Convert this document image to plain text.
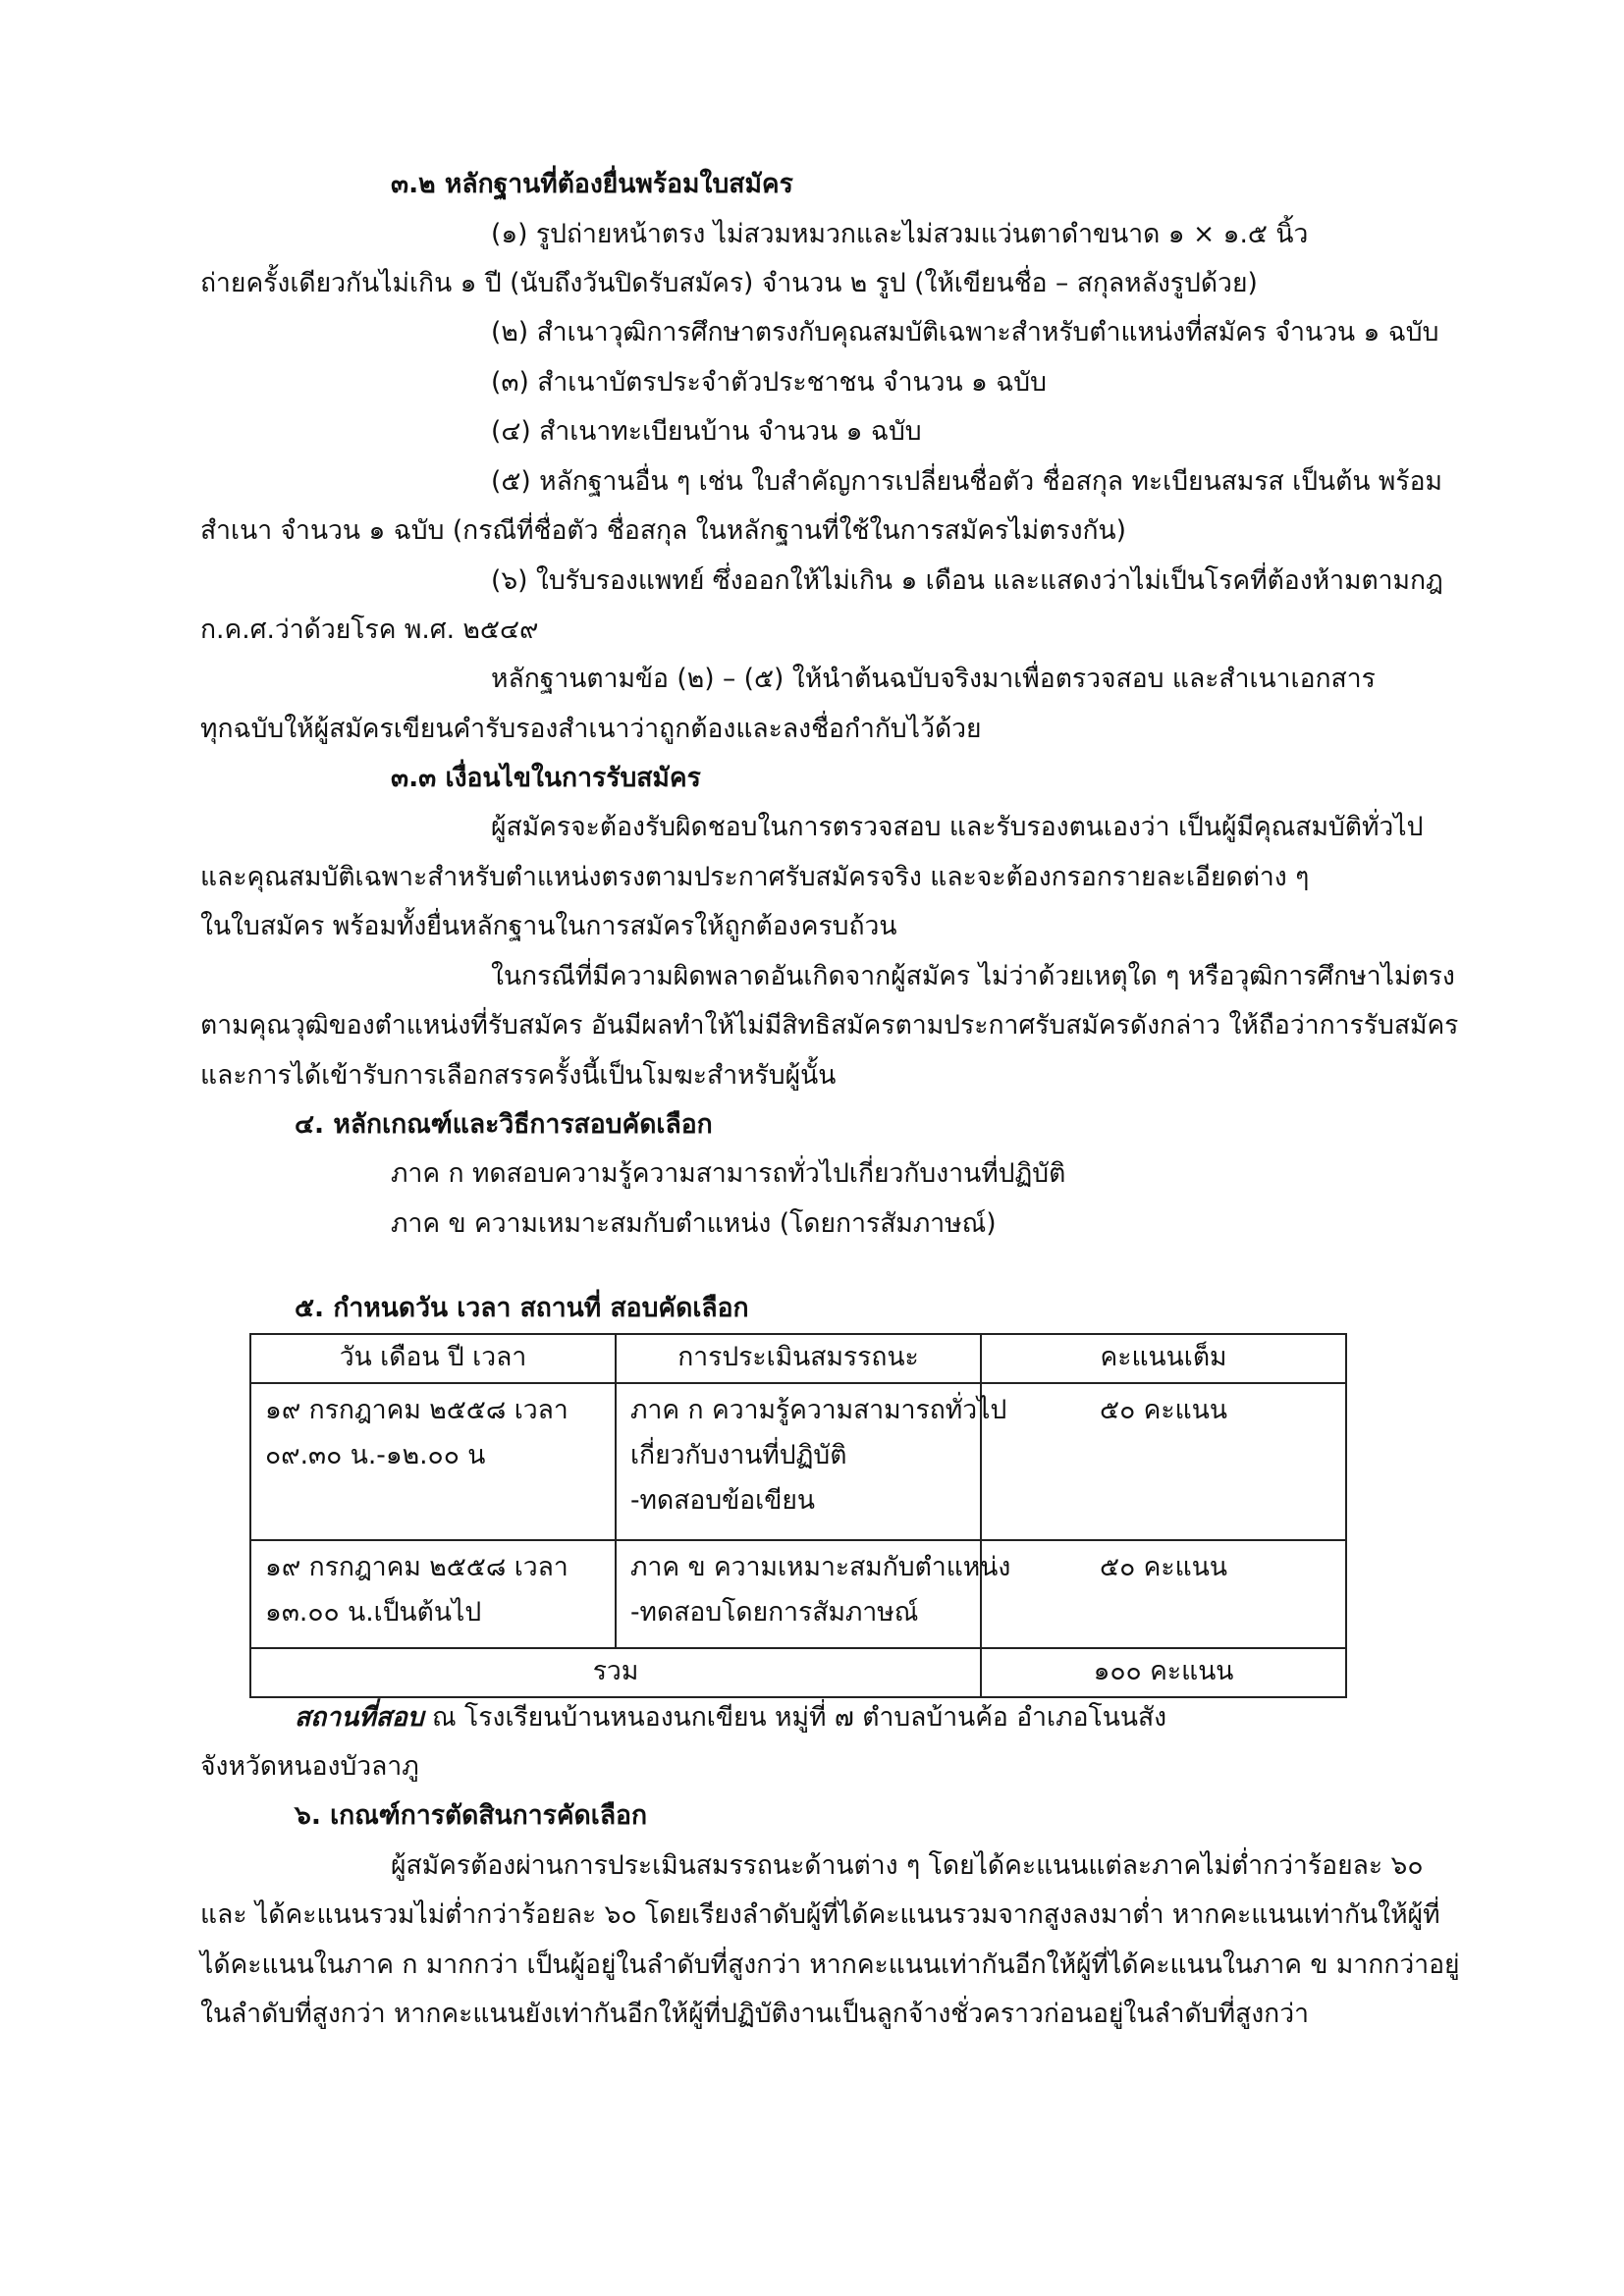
๓.๒ หลักฐานที่ต้องยื่นพร้อมใบสมัคร
(๑) รูปถ่ายหน้าตรง ไม่สวมหมวกและไม่สวมแว่นตาดำขนาด ๑ × ๑.๕ นิ้ว
ถ่ายครั้งเดียวกันไม่เกิน ๑ ปี (นับถึงวันปิดรับสมัคร) จำนวน ๒ รูป (ให้เขียนชื่อ – สกุลหลังรูปด้วย)
(๒) สำเนาวุฒิการศึกษาตรงกับคุณสมบัติเฉพาะสำหรับตำแหน่งที่สมัคร จำนวน ๑ ฉบับ
(๓) สำเนาบัตรประจำตัวประชาชน จำนวน ๑ ฉบับ
(๔) สำเนาทะเบียนบ้าน จำนวน ๑ ฉบับ
(๕) หลักฐานอื่น ๆ เช่น ใบสำคัญการเปลี่ยนชื่อตัว ชื่อสกุล ทะเบียนสมรส เป็นต้น พร้อม
สำเนา จำนวน ๑ ฉบับ (กรณีที่ชื่อตัว ชื่อสกุล ในหลักฐานที่ใช้ในการสมัครไม่ตรงกัน)
(๖) ใบรับรองแพทย์ ซึ่งออกให้ไม่เกิน ๑ เดือน และแสดงว่าไม่เป็นโรคที่ต้องห้ามตามกฎ
ก.ค.ศ.ว่าด้วยโรค พ.ศ. ๒๕๔๙
หลักฐานตามข้อ (๒) – (๕) ให้นำต้นฉบับจริงมาเพื่อตรวจสอบ และสำเนาเอกสาร
ทุกฉบับให้ผู้สมัครเขียนคำรับรองสำเนาว่าถูกต้องและลงชื่อกำกับไว้ด้วย
๓.๓ เงื่อนไขในการรับสมัคร
ผู้สมัครจะต้องรับผิดชอบในการตรวจสอบ และรับรองตนเองว่า เป็นผู้มีคุณสมบัติทั่วไป
และคุณสมบัติเฉพาะสำหรับตำแหน่งตรงตามประกาศรับสมัครจริง และจะต้องกรอกรายละเอียดต่าง ๆ
ในใบสมัคร พร้อมทั้งยื่นหลักฐานในการสมัครให้ถูกต้องครบถ้วน
ในกรณีที่มีความผิดพลาดอันเกิดจากผู้สมัคร ไม่ว่าด้วยเหตุใด ๆ หรือวุฒิการศึกษาไม่ตรง
ตามคุณวุฒิของตำแหน่งที่รับสมัคร อันมีผลทำให้ไม่มีสิทธิสมัครตามประกาศรับสมัครดังกล่าว ให้ถือว่าการรับสมัคร
และการได้เข้ารับการเลือกสรรครั้งนี้เป็นโมฆะสำหรับผู้นั้น
๔. หลักเกณฑ์และวิธีการสอบคัดเลือก
ภาค ก ทดสอบความรู้ความสามารถทั่วไปเกี่ยวกับงานที่ปฏิบัติ
ภาค ข ความเหมาะสมกับตำแหน่ง (โดยการสัมภาษณ์)
๕. กำหนดวัน เวลา สถานที่ สอบคัดเลือก
วัน เดือน ปี เวลา	การประเมินสมรรถนะ	คะแนนเต็ม

๑๙ กรกฎาคม ๒๕๕๘ เวลา
๐๙.๓๐ น.-๑๒.๐๐ น	ภาค ก ความรู้ความสามารถทั่วไป
เกี่ยวกับงานที่ปฏิบัติ
-ทดสอบข้อเขียน	๕๐ คะแนน

๑๙ กรกฎาคม ๒๕๕๘ เวลา
๑๓.๐๐ น.เป็นต้นไป	ภาค ข ความเหมาะสมกับตำแหน่ง
-ทดสอบโดยการสัมภาษณ์	๕๐ คะแนน
รวม		๑๐๐ คะแนน
สถานที่สอบ ณ โรงเรียนบ้านหนองนกเขียน หมู่ที่ ๗ ตำบลบ้านค้อ อำเภอโนนสัง
จังหวัดหนองบัวลาภู
๖. เกณฑ์การตัดสินการคัดเลือก
ผู้สมัครต้องผ่านการประเมินสมรรถนะด้านต่าง ๆ โดยได้คะแนนแต่ละภาคไม่ต่ำกว่าร้อยละ ๖๐
และ ได้คะแนนรวมไม่ต่ำกว่าร้อยละ ๖๐ โดยเรียงลำดับผู้ที่ได้คะแนนรวมจากสูงลงมาต่ำ หากคะแนนเท่ากันให้ผู้ที่
ได้คะแนนในภาค ก มากกว่า เป็นผู้อยู่ในลำดับที่สูงกว่า หากคะแนนเท่ากันอีกให้ผู้ที่ได้คะแนนในภาค ข มากกว่าอยู่
ในลำดับที่สูงกว่า หากคะแนนยังเท่ากันอีกให้ผู้ที่ปฏิบัติงานเป็นลูกจ้างชั่วคราวก่อนอยู่ในลำดับที่สูงกว่า
